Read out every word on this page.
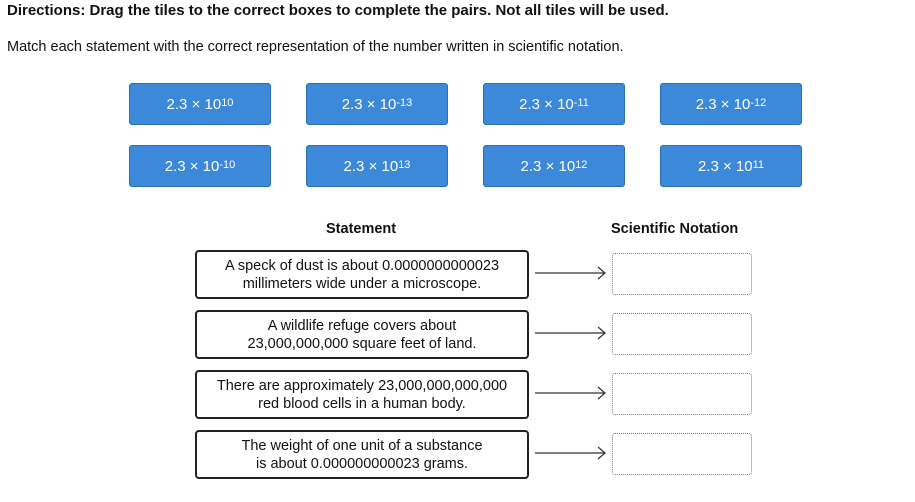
Directions: Drag the tiles to the correct boxes to complete the pairs. Not all tiles will be used.
Match each statement with the correct representation of the number written in scientific notation.
$2.3 \times 10^{10}$	$2.3 \times 10^{-13}$	$2.3 \times 10^{-11}$	$2.3 \times 10^{-12}$
$2.3 \times 10^{-10}$	$2.3 \times 10^{13}$	$2.3 \times 10^{12}$	$2.3 \times 10^{11}$
Statement	Scientific Notation
A speck of dust is about 0.0000000000023
millimeters wide under a microscope.
A wildlife refuge covers about
23,000,000,000 square feet of land.
There are approximately 23,000,000,000,000
red blood cells in a human body.
The weight of one unit of a substance
is about 0.000000000023 grams.
